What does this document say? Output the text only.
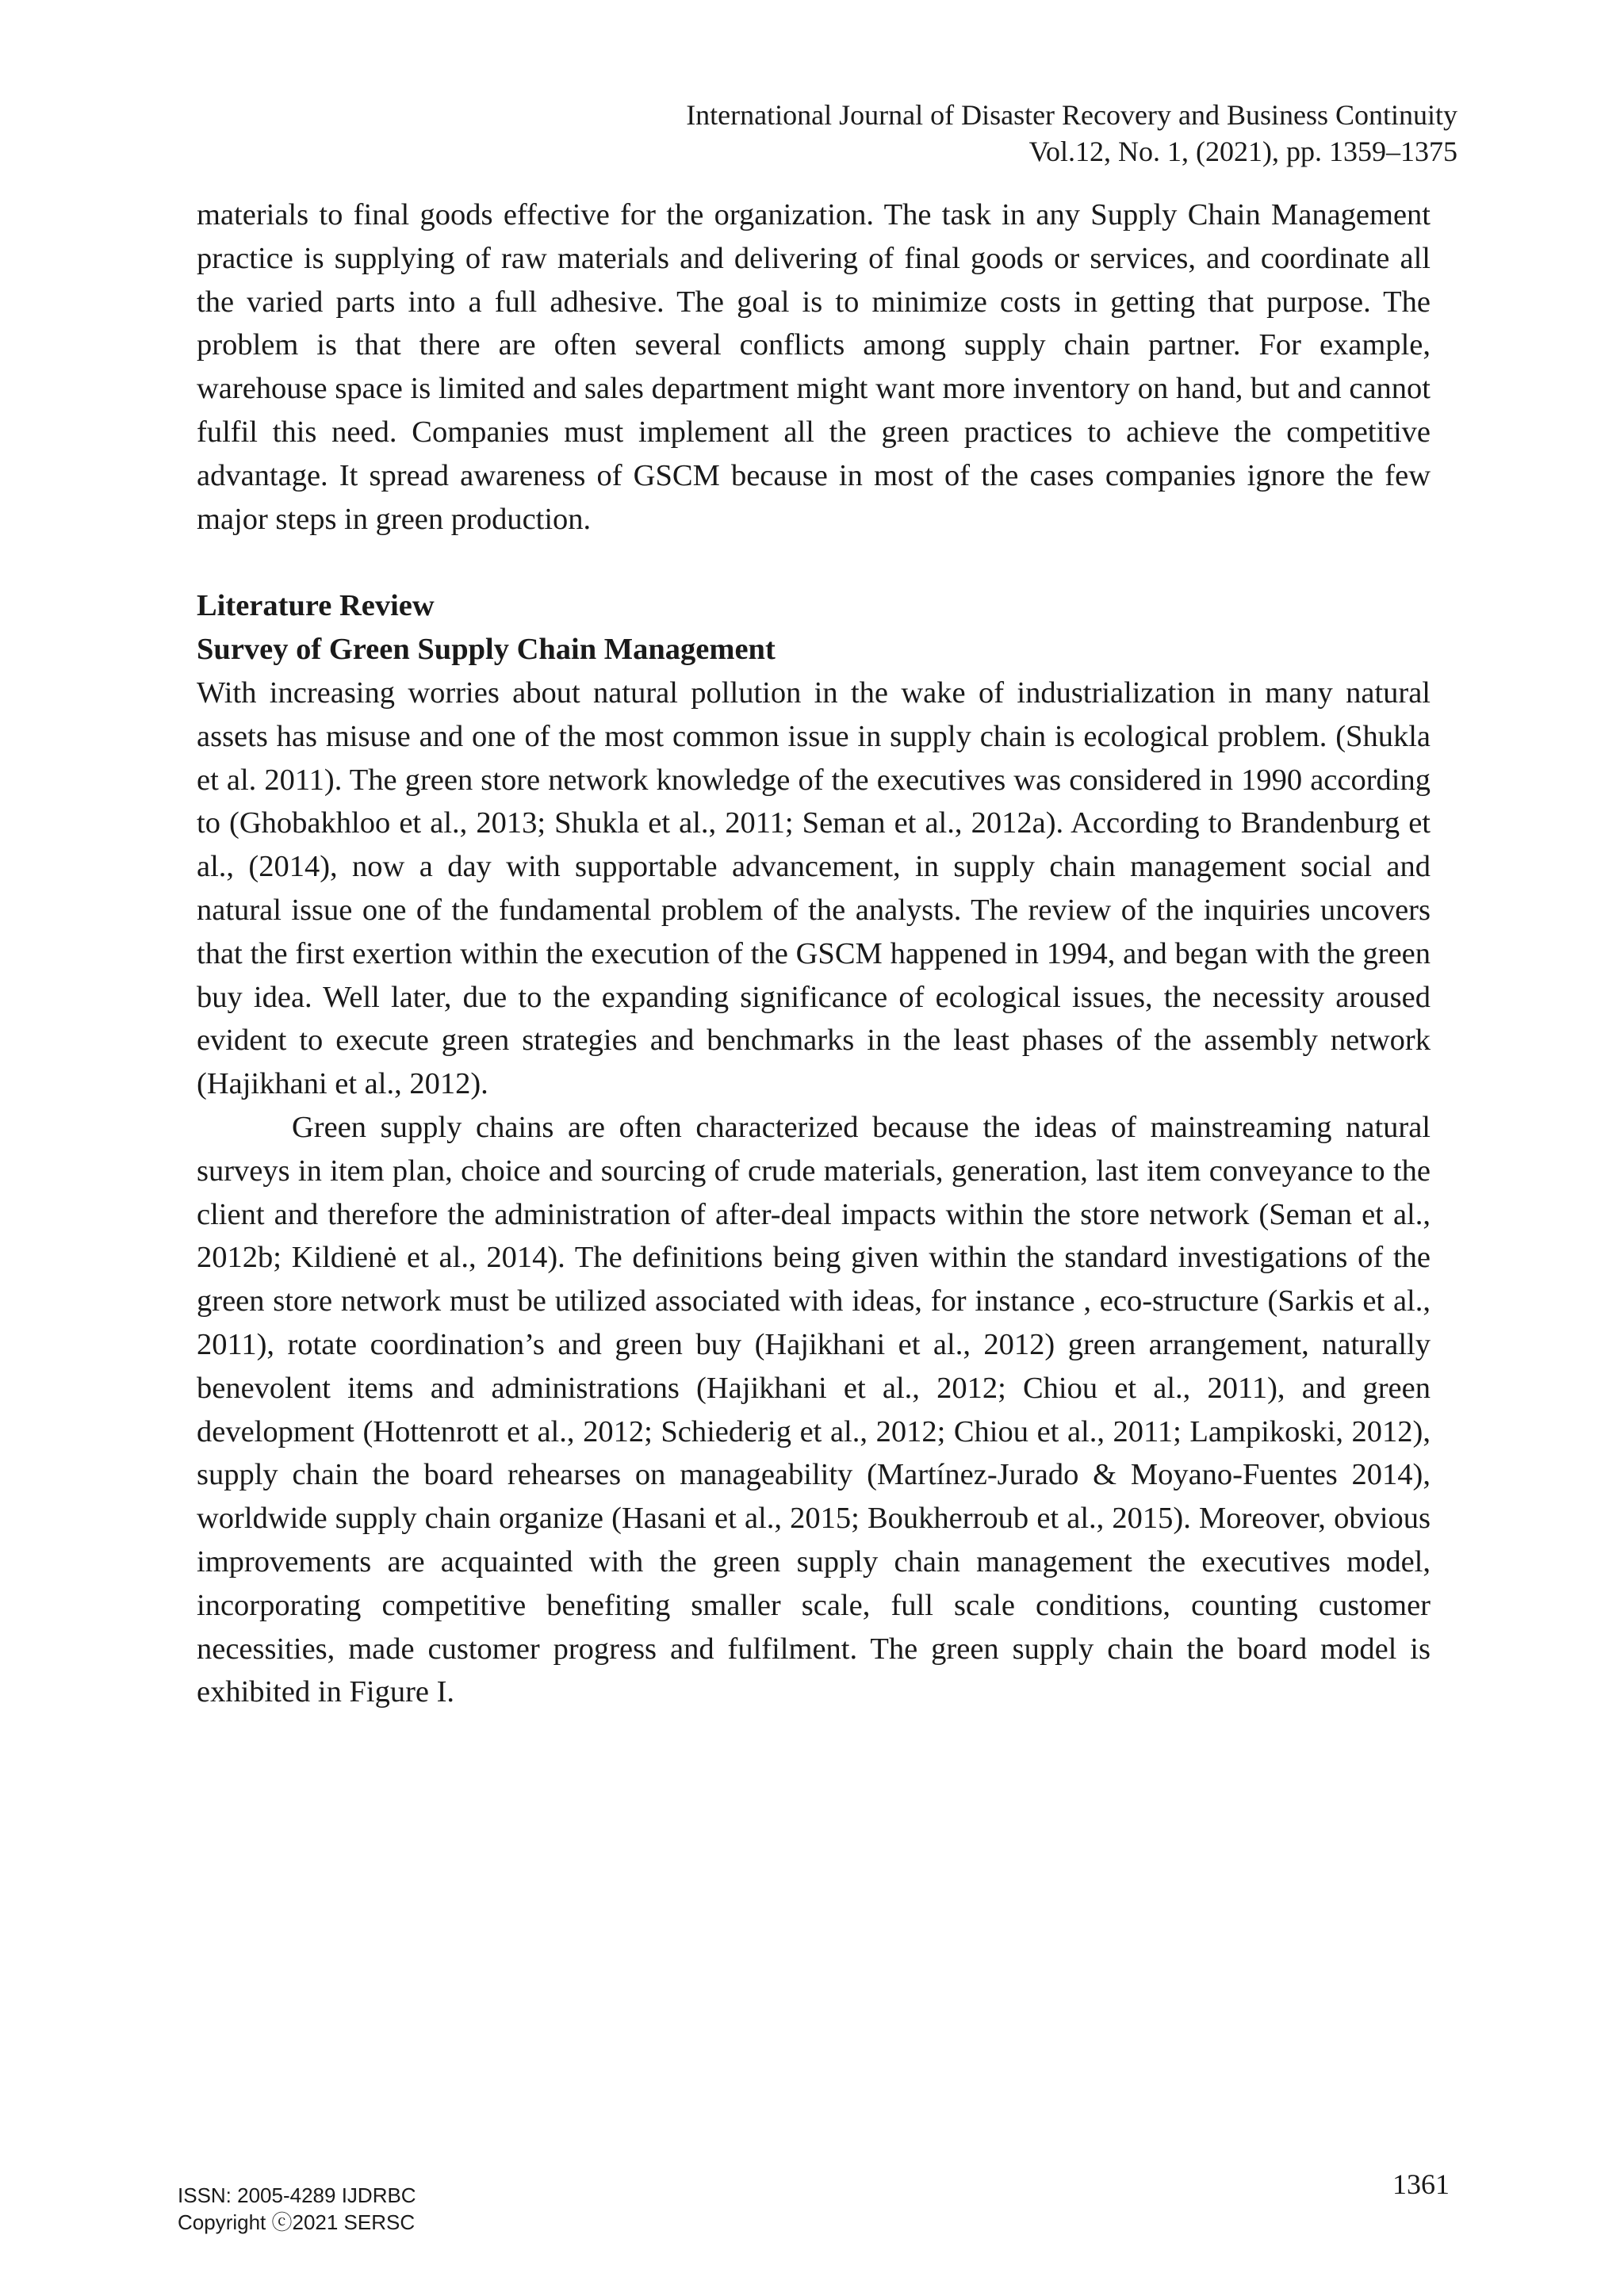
International Journal of Disaster Recovery and Business Continuity
Vol.12, No. 1, (2021), pp. 1359–1375

materials to final goods effective for the organization. The task in any Supply Chain Management practice is supplying of raw materials and delivering of final goods or services, and coordinate all the varied parts into a full adhesive. The goal is to minimize costs in getting that purpose. The problem is that there are often several conflicts among supply chain partner. For example, warehouse space is limited and sales department might want more inventory on hand, but and cannot fulfil this need. Companies must implement all the green practices to achieve the competitive advantage. It spread awareness of GSCM because in most of the cases companies ignore the few major steps in green production.

Literature Review
Survey of Green Supply Chain Management

With increasing worries about natural pollution in the wake of industrialization in many natural assets has misuse and one of the most common issue in supply chain is ecological problem. (Shukla et al. 2011). The green store network knowledge of the executives was considered in 1990 according to (Ghobakhloo et al., 2013; Shukla et al., 2011; Seman et al., 2012a). According to Brandenburg et al., (2014), now a day with supportable advancement, in supply chain management social and natural issue one of the fundamental problem of the analysts. The review of the inquiries uncovers that the first exertion within the execution of the GSCM happened in 1994, and began with the green buy idea. Well later, due to the expanding significance of ecological issues, the necessity aroused evident to execute green strategies and benchmarks in the least phases of the assembly network (Hajikhani et al., 2012).

Green supply chains are often characterized because the ideas of mainstreaming natural surveys in item plan, choice and sourcing of crude materials, generation, last item conveyance to the client and therefore the administration of after-deal impacts within the store network (Seman et al., 2012b; Kildienė et al., 2014). The definitions being given within the standard investigations of the green store network must be utilized associated with ideas, for instance , eco-structure (Sarkis et al., 2011), rotate coordination’s and green buy (Hajikhani et al., 2012) green arrangement, naturally benevolent items and administrations (Hajikhani et al., 2012; Chiou et al., 2011), and green development (Hottenrott et al., 2012; Schiederig et al., 2012; Chiou et al., 2011; Lampikoski, 2012), supply chain the board rehearses on manageability (Martínez-Jurado & Moyano-Fuentes 2014), worldwide supply chain organize (Hasani et al., 2015; Boukherroub et al., 2015). Moreover, obvious improvements are acquainted with the green supply chain management the executives model, incorporating competitive benefiting smaller scale, full scale conditions, counting customer necessities, made customer progress and fulfilment. The green supply chain the board model is exhibited in Figure I.

ISSN: 2005-4289 IJDRBC
Copyright ⓒ2021 SERSC
1361
